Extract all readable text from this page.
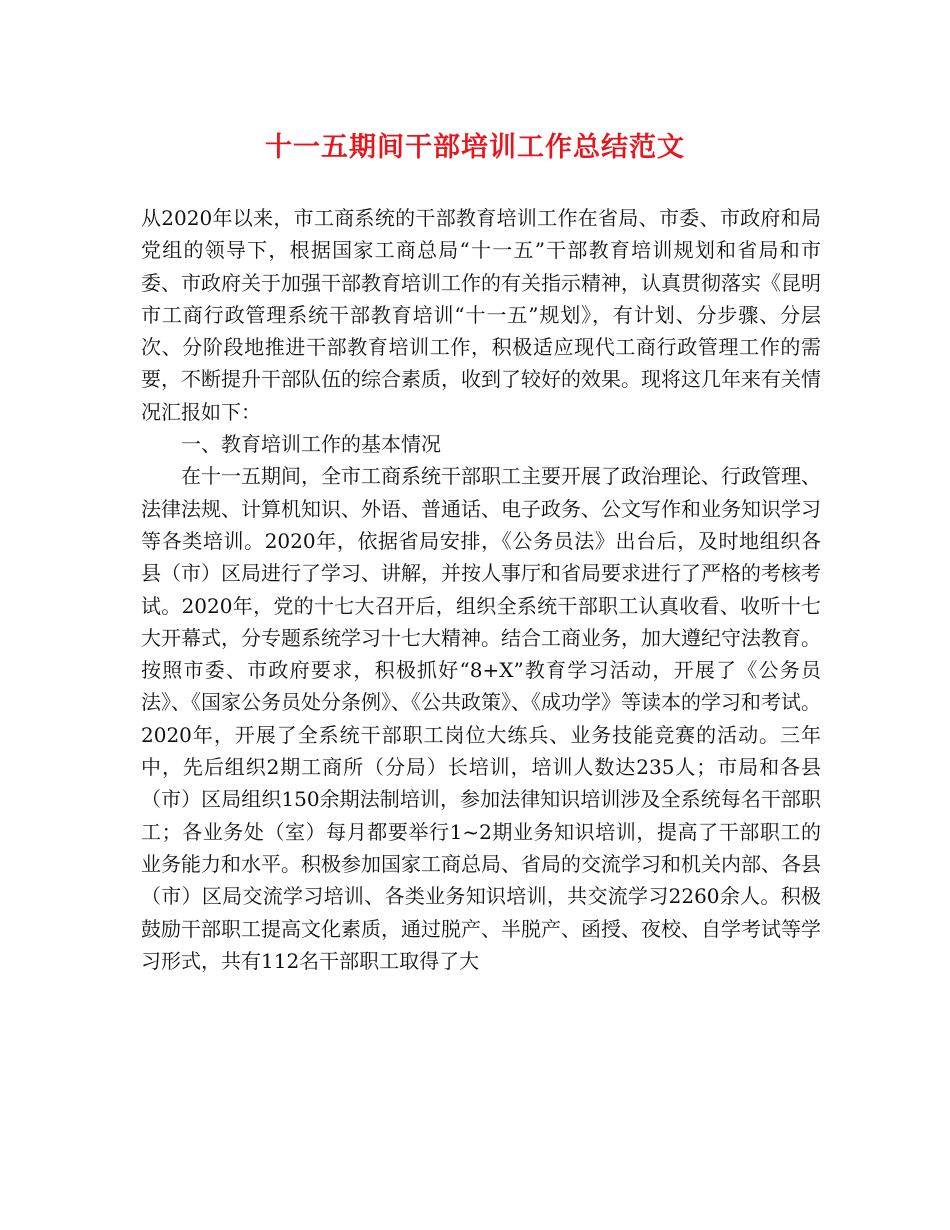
十一五期间干部培训工作总结范文

从2020年以来，市工商系统的干部教育培训工作在省局、市委、市政府和局党组的领导下，根据国家工商总局“十一五”干部教育培训规划和省局和市委、市政府关于加强干部教育培训工作的有关指示精神，认真贯彻落实《昆明市工商行政管理系统干部教育培训“十一五”规划》，有计划、分步骤、分层次、分阶段地推进干部教育培训工作，积极适应现代工商行政管理工作的需要，不断提升干部队伍的综合素质，收到了较好的效果。现将这几年来有关情况汇报如下：

一、教育培训工作的基本情况

在十一五期间，全市工商系统干部职工主要开展了政治理论、行政管理、法律法规、计算机知识、外语、普通话、电子政务、公文写作和业务知识学习等各类培训。2020年，依据省局安排，《公务员法》出台后，及时地组织各县（市）区局进行了学习、讲解，并按人事厅和省局要求进行了严格的考核考试。2020年，党的十七大召开后，组织全系统干部职工认真收看、收听十七大开幕式，分专题系统学习十七大精神。结合工商业务，加大遵纪守法教育。按照市委、市政府要求，积极抓好“8+X”教育学习活动，开展了《公务员法》、《国家公务员处分条例》、《公共政策》、《成功学》等读本的学习和考试。2020年，开展了全系统干部职工岗位大练兵、业务技能竞赛的活动。三年中，先后组织2期工商所（分局）长培训，培训人数达235人；市局和各县（市）区局组织150余期法制培训，参加法律知识培训涉及全系统每名干部职工；各业务处（室）每月都要举行1~2期业务知识培训，提高了干部职工的业务能力和水平。积极参加国家工商总局、省局的交流学习和机关内部、各县（市）区局交流学习培训、各类业务知识培训，共交流学习2260余人。积极鼓励干部职工提高文化素质，通过脱产、半脱产、函授、夜校、自学考试等学习形式，共有112名干部职工取得了大
